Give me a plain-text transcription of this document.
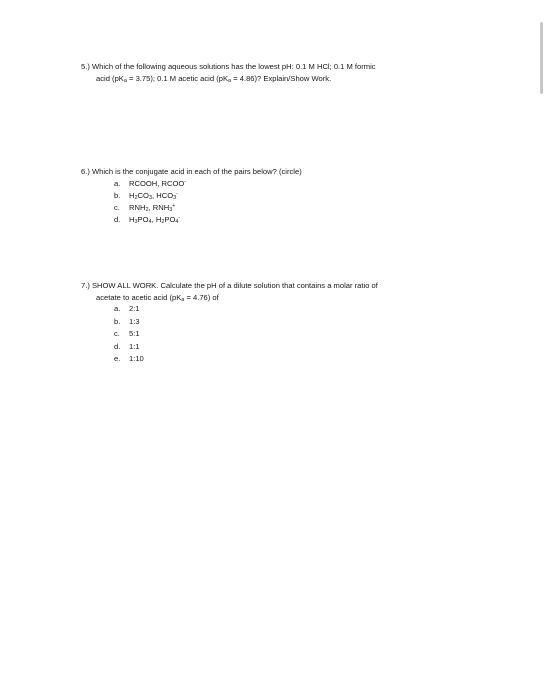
5.) Which of the following aqueous solutions has the lowest pH: 0.1 M HCl; 0.1 M formic
acid $(pK_a = 3.75)$; 0.1 M acetic acid $(pK_a = 4.86)$? Explain/Show Work.
6.) Which is the conjugate acid in each of the pairs below? (circle)
a. RCOOH, RCOO-
b. $H_2CO_3$, $HCO_3^-$
c. $RNH_2$, $RNH_3^+$
d. $H_3PO_4$, $H_2PO_4^-$
7.) SHOW ALL WORK. Calculate the pH of a dilute solution that contains a molar ratio of
acetate to acetic acid $(pK_a = 4.76)$ of
a. 2:1
b. 1:3
c. 5:1
d. 1:1
e. 1:10
